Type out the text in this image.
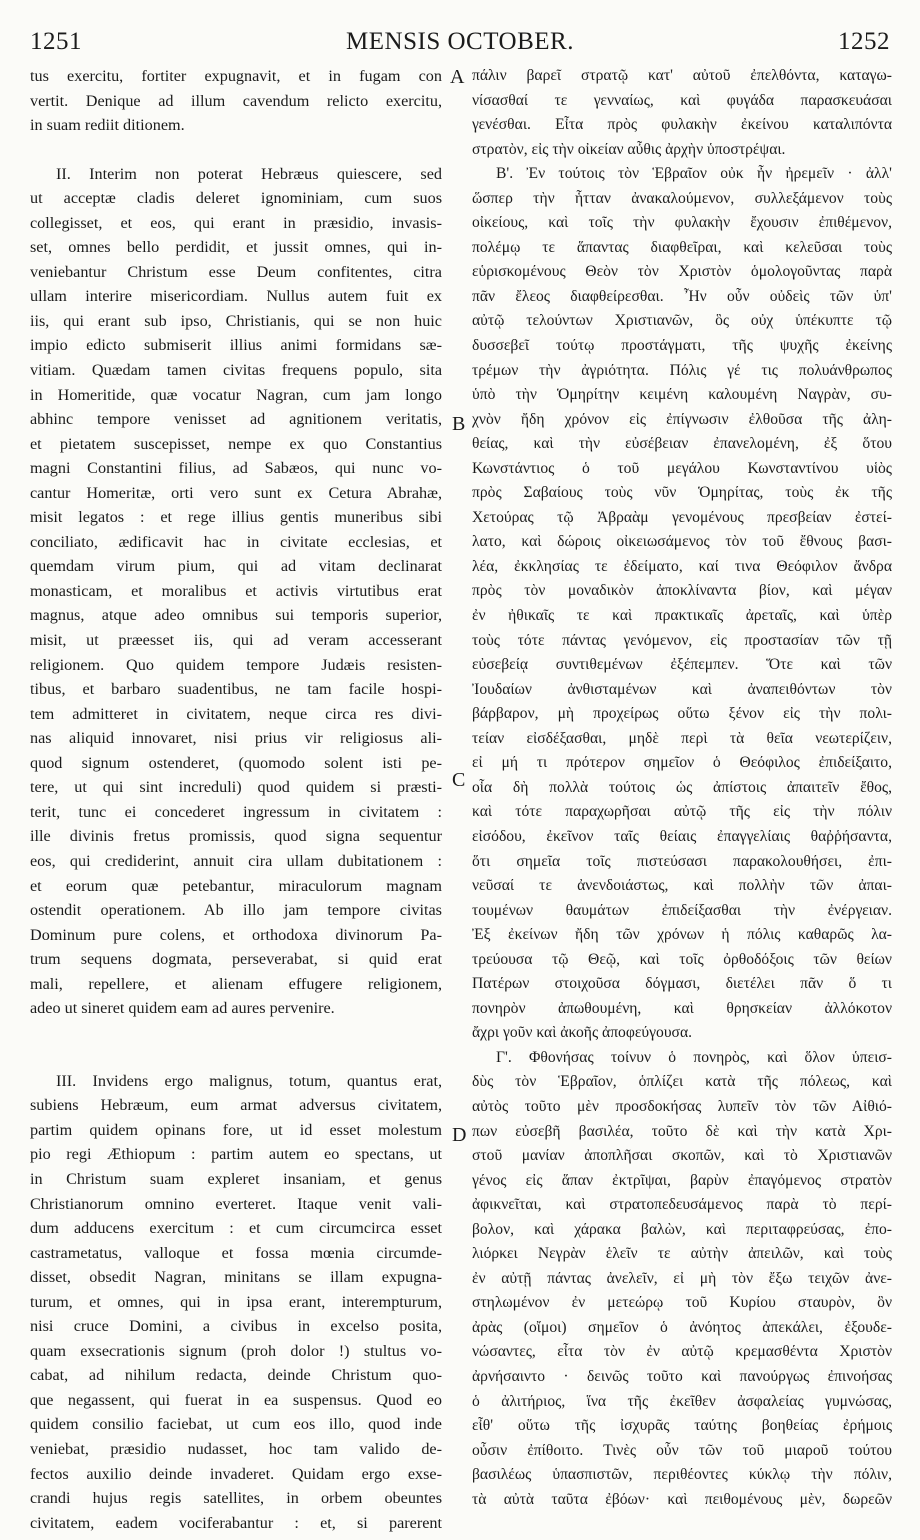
1251	MENSIS OCTOBER.	1252
tus exercitu, fortiter expugnavit, et in fugam con
vertit. Denique ad illum cavendum relicto exercitu,
in suam rediit ditionem.
II. Interim non poterat Hebræus quiescere, sed
ut acceptæ cladis deleret ignominiam, cum suos
collegisset, et eos, qui erant in præsidio, invasis-
set, omnes bello perdidit, et jussit omnes, qui in-
veniebantur Christum esse Deum confitentes, citra
ullam interire misericordiam. Nullus autem fuit ex
iis, qui erant sub ipso, Christianis, qui se non huic
impio edicto submiserit illius animi formidans sæ-
vitiam. Quædam tamen civitas frequens populo, sita
in Homeritide, quæ vocatur Nagran, cum jam longo
abhinc tempore venisset ad agnitionem veritatis,
et pietatem suscepisset, nempe ex quo Constantius
magni Constantini filius, ad Sabæos, qui nunc vo-
cantur Homeritæ, orti vero sunt ex Cetura Abrahæ,
misit legatos : et rege illius gentis muneribus sibi
conciliato, ædificavit hac in civitate ecclesias, et
quemdam virum pium, qui ad vitam declinarat
monasticam, et moralibus et activis virtutibus erat
magnus, atque adeo omnibus sui temporis superior,
misit, ut præesset iis, qui ad veram accesserant
religionem. Quo quidem tempore Judæis resisten-
tibus, et barbaro suadentibus, ne tam facile hospi-
tem admitteret in civitatem, neque circa res divi-
nas aliquid innovaret, nisi prius vir religiosus ali-
quod signum ostenderet, (quomodo solent isti pe-
tere, ut qui sint increduli) quod quidem si præsti-
terit, tunc ei concederet ingressum in civitatem :
ille divinis fretus promissis, quod signa sequentur
eos, qui crediderint, annuit cira ullam dubitationem :
et eorum quæ petebantur, miraculorum magnam
ostendit operationem. Ab illo jam tempore civitas
Dominum pure colens, et orthodoxa divinorum Pa-
trum sequens dogmata, perseverabat, si quid erat
mali, repellere, et alienam effugere religionem,
adeo ut sineret quidem eam ad aures pervenire.
III. Invidens ergo malignus, totum, quantus erat,
subiens Hebræum, eum armat adversus civitatem,
partim quidem opinans fore, ut id esset molestum
pio regi Æthiopum : partim autem eo spectans, ut
in Christum suam expleret insaniam, et genus
Christianorum omnino everteret. Itaque venit vali-
dum adducens exercitum : et cum circumcirca esset
castrametatus, valloque et fossa mœnia circumde-
disset, obsedit Nagran, minitans se illam expugna-
turum, et omnes, qui in ipsa erant, interempturum,
nisi cruce Domini, a civibus in excelso posita,
quam exsecrationis signum (proh dolor !) stultus vo-
cabat, ad nihilum redacta, deinde Christum quo-
que negassent, qui fuerat in ea suspensus. Quod eo
quidem consilio faciebat, ut cum eos illo, quod inde
veniebat, præsidio nudasset, hoc tam valido de-
fectos auxilio deinde invaderet. Quidam ergo exse-
crandi hujus regis satellites, in orbem obeuntes
civitatem, eadem vociferabantur : et, si parerent
A
B
C
D
πάλιν βαρεῖ στρατῷ κατ' αὐτοῦ ἐπελθόντα, καταγω-
νίσασθαί τε γενναίως, καὶ φυγάδα παρασκευάσαι
γενέσθαι. Εἶτα πρὸς φυλακὴν ἐκείνου καταλιπόντα
στρατὸν, εἰς τὴν οἰκείαν αὖθις ἀρχὴν ὑποστρέψαι.
Β'. Ἐν τούτοις τὸν Ἑβραῖον οὐκ ἦν ἠρεμεῖν · ἀλλ'
ὥσπερ τὴν ἧτταν ἀνακαλούμενον, συλλεξάμενον τοὺς
οἰκείους, καὶ τοῖς τὴν φυλακὴν ἔχουσιν ἐπιθέμενον,
πολέμῳ τε ἅπαντας διαφθεῖραι, καὶ κελεῦσαι τοὺς
εὑρισκομένους Θεὸν τὸν Χριστὸν ὁμολογοῦντας παρὰ
πᾶν ἔλεος διαφθείρεσθαι. Ἦν οὖν οὐδεὶς τῶν ὑπ'
αὐτῷ τελούντων Χριστιανῶν, ὃς οὐχ ὑπέκυπτε τῷ
δυσσεβεῖ τούτῳ προστάγματι, τῆς ψυχῆς ἐκείνης
τρέμων τὴν ἀγριότητα. Πόλις γέ τις πολυάνθρωπος
ὑπὸ τὴν Ὁμηρίτην κειμένη καλουμένη Ναγρὰν, συ-
χνὸν ἤδη χρόνον εἰς ἐπίγνωσιν ἐλθοῦσα τῆς ἀλη-
θείας, καὶ τὴν εὐσέβειαν ἐπανελομένη, ἐξ ὅτου
Κωνστάντιος ὁ τοῦ μεγάλου Κωνσταντίνου υἱὸς
πρὸς Σαβαίους τοὺς νῦν Ὁμηρίτας, τοὺς ἐκ τῆς
Χετούρας τῷ Ἀβραὰμ γενομένους πρεσβείαν ἐστεί-
λατο, καὶ δώροις οἰκειωσάμενος τὸν τοῦ ἔθνους βασι-
λέα, ἐκκλησίας τε ἐδείματο, καί τινα Θεόφιλον ἄνδρα
πρὸς τὸν μοναδικὸν ἀποκλίναντα βίον, καὶ μέγαν
ἐν ἠθικαῖς τε καὶ πρακτικαῖς ἀρεταῖς, καὶ ὑπὲρ
τοὺς τότε πάντας γενόμενον, εἰς προστασίαν τῶν τῇ
εὐσεβείᾳ συντιθεμένων ἐξέπεμπεν. Ὅτε καὶ τῶν
Ἰουδαίων ἀνθισταμένων καὶ ἀναπειθόντων τὸν
βάρβαρον, μὴ προχείρως οὕτω ξένον εἰς τὴν πολι-
τείαν εἰσδέξασθαι, μηδὲ περὶ τὰ θεῖα νεωτερίζειν,
εἰ μή τι πρότερον σημεῖον ὁ Θεόφιλος ἐπιδείξαιτο,
οἷα δὴ πολλὰ τούτοις ὡς ἀπίστοις ἀπαιτεῖν ἔθος,
καὶ τότε παραχωρῆσαι αὐτῷ τῆς εἰς τὴν πόλιν
εἰσόδου, ἐκεῖνον ταῖς θείαις ἐπαγγελίαις θαῤῥήσαντα,
ὅτι σημεῖα τοῖς πιστεύσασι παρακολουθήσει, ἐπι-
νεῦσαί τε ἀνενδοιάστως, καὶ πολλὴν τῶν ἀπαι-
τουμένων θαυμάτων ἐπιδείξασθαι τὴν ἐνέργειαν.
Ἐξ ἐκείνων ἤδη τῶν χρόνων ἡ πόλις καθαρῶς λα-
τρεύουσα τῷ Θεῷ, καὶ τοῖς ὀρθοδόξοις τῶν θείων
Πατέρων στοιχοῦσα δόγμασι, διετέλει πᾶν ὅ τι
πονηρὸν ἀπωθουμένη, καὶ θρησκείαν ἀλλόκοτον
ἄχρι γοῦν καὶ ἀκοῆς ἀποφεύγουσα.
Γ'. Φθονήσας τοίνυν ὁ πονηρὸς, καὶ ὅλον ὑπεισ-
δὺς τὸν Ἑβραῖον, ὁπλίζει κατὰ τῆς πόλεως, καὶ
αὐτὸς τοῦτο μὲν προσδοκήσας λυπεῖν τὸν τῶν Αἰθιό-
πων εὐσεβῆ βασιλέα, τοῦτο δὲ καὶ τὴν κατὰ Χρι-
στοῦ μανίαν ἀποπλῆσαι σκοπῶν, καὶ τὸ Χριστιανῶν
γένος εἰς ἅπαν ἐκτρῖψαι, βαρὺν ἐπαγόμενος στρατὸν
ἀφικνεῖται, καὶ στρατοπεδευσάμενος παρὰ τὸ περί-
βολον, καὶ χάρακα βαλὼν, καὶ περιταφρεύσας, ἐπο-
λιόρκει Νεγρὰν ἑλεῖν τε αὐτὴν ἀπειλῶν, καὶ τοὺς
ἐν αὐτῇ πάντας ἀνελεῖν, εἰ μὴ τὸν ἔξω τειχῶν ἀνε-
στηλωμένον ἐν μετεώρῳ τοῦ Κυρίου σταυρὸν, ὃν
ἀρὰς (οἴμοι) σημεῖον ὁ ἀνόητος ἀπεκάλει, ἐξουδε-
νώσαντες, εἶτα τὸν ἐν αὐτῷ κρεμασθέντα Χριστὸν
ἀρνήσαιντο · δεινῶς τοῦτο καὶ πανούργως ἐπινοήσας
ὁ ἀλιτήριος, ἵνα τῆς ἐκεῖθεν ἀσφαλείας γυμνώσας,
εἶθ' οὕτω τῆς ἰσχυρᾶς ταύτης βοηθείας ἐρήμοις
οὖσιν ἐπίθοιτο. Τινὲς οὖν τῶν τοῦ μιαροῦ τούτου
βασιλέως ὑπασπιστῶν, περιθέοντες κύκλῳ τὴν πόλιν,
τὰ αὐτὰ ταῦτα ἐβόων· καὶ πειθομένους μὲν, δωρεῶν
